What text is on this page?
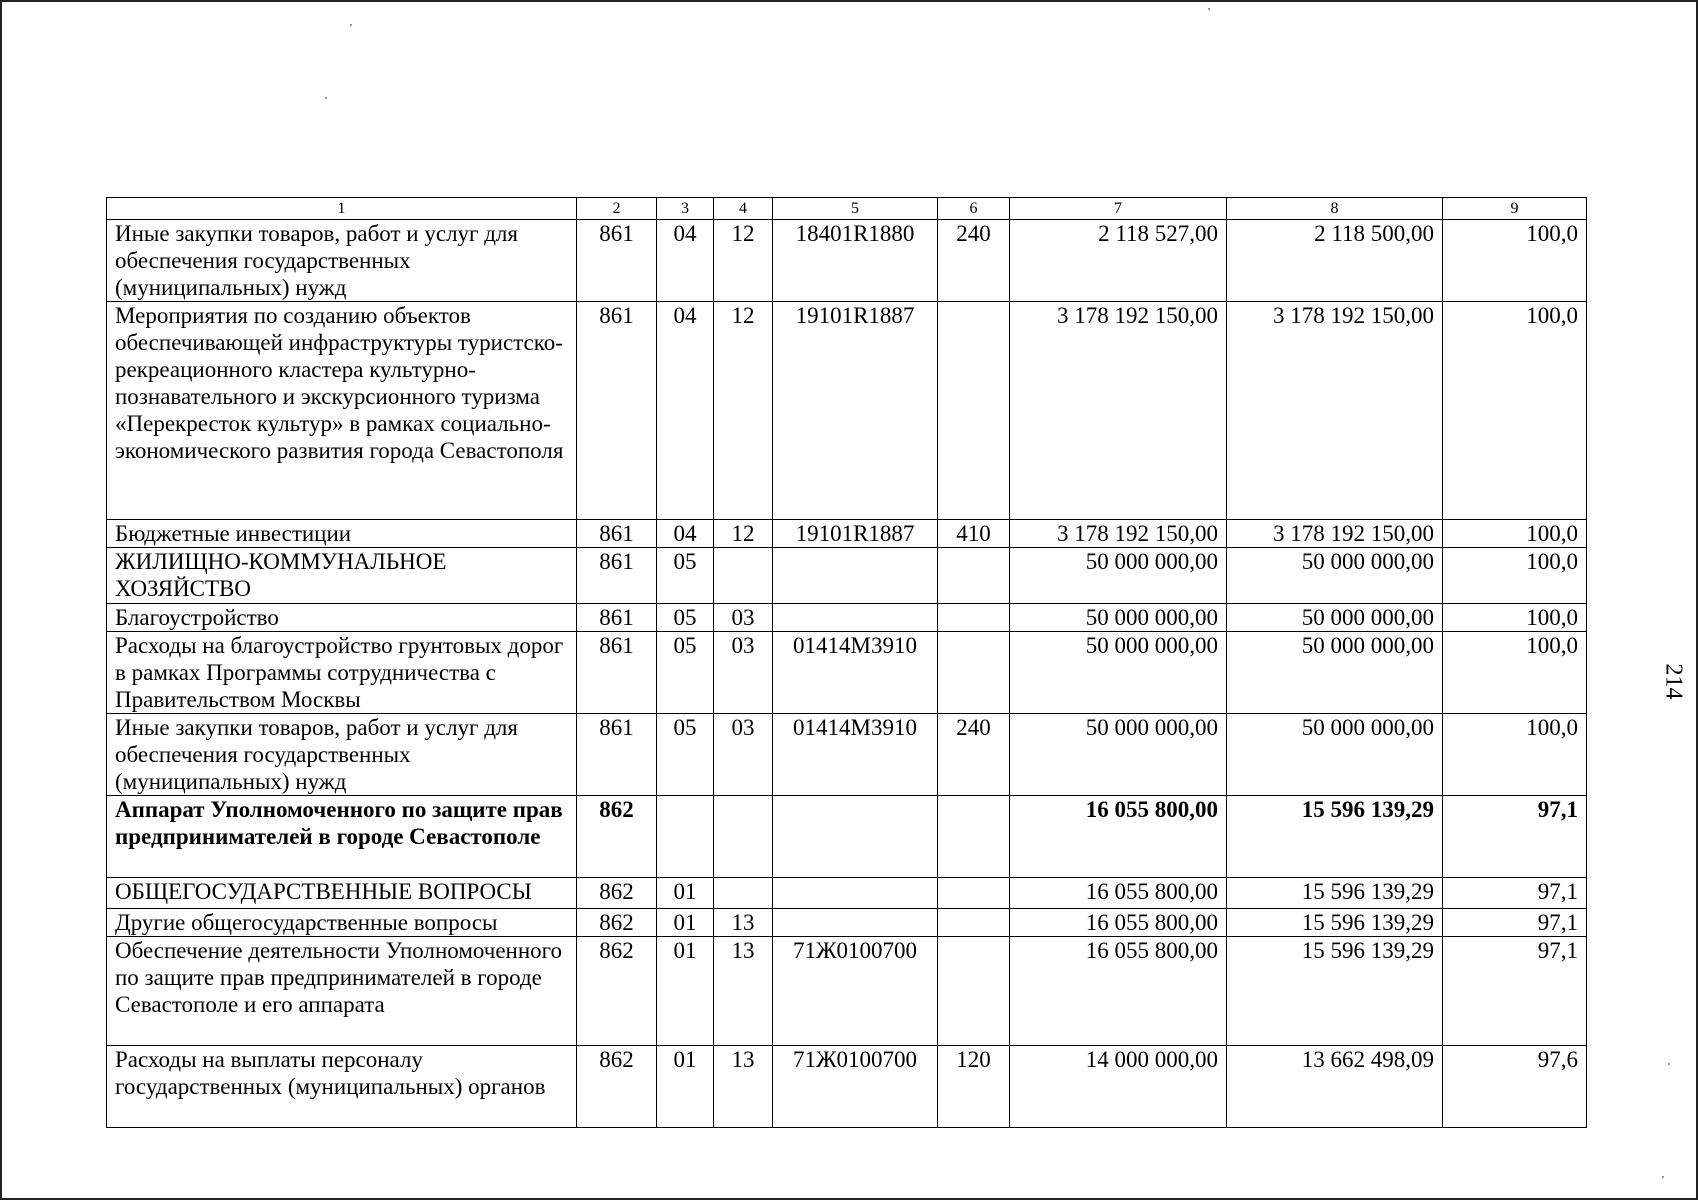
1	2	3	4	5	6	7	8	9
Иные закупки товаров, работ и услуг для обеспечения государственных (муниципальных) нужд	861	04	12	18401R1880	240	2 118 527,00	2 118 500,00	100,0
Мероприятия по созданию объектов обеспечивающей инфраструктуры туристско-рекреационного кластера культурно-познавательного и экскурсионного туризма «Перекресток культур» в рамках социально-экономического развития города Севастополя	861	04	12	19101R1887		3 178 192 150,00	3 178 192 150,00	100,0
Бюджетные инвестиции	861	04	12	19101R1887	410	3 178 192 150,00	3 178 192 150,00	100,0
ЖИЛИЩНО-КОММУНАЛЬНОЕ ХОЗЯЙСТВО	861	05				50 000 000,00	50 000 000,00	100,0
Благоустройство	861	05	03			50 000 000,00	50 000 000,00	100,0
Расходы на благоустройство грунтовых дорог в рамках Программы сотрудничества с Правительством Москвы	861	05	03	01414М3910		50 000 000,00	50 000 000,00	100,0
Иные закупки товаров, работ и услуг для обеспечения государственных (муниципальных) нужд	861	05	03	01414М3910	240	50 000 000,00	50 000 000,00	100,0
Аппарат Уполномоченного по защите прав предпринимателей в городе Севастополе	862					16 055 800,00	15 596 139,29	97,1
ОБЩЕГОСУДАРСТВЕННЫЕ ВОПРОСЫ	862	01				16 055 800,00	15 596 139,29	97,1
Другие общегосударственные вопросы	862	01	13			16 055 800,00	15 596 139,29	97,1
Обеспечение деятельности Уполномоченного по защите прав предпринимателей в городе Севастополе и его аппарата	862	01	13	71Ж0100700		16 055 800,00	15 596 139,29	97,1
Расходы на выплаты персоналу государственных (муниципальных) органов	862	01	13	71Ж0100700	120	14 000 000,00	13 662 498,09	97,6
214
